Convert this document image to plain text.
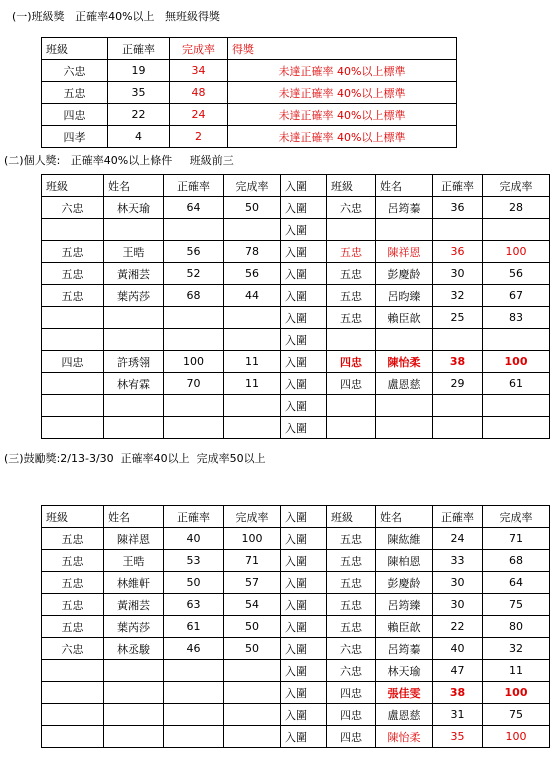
(一)班級獎   正確率40%以上   無班級得獎
班級	正確率	完成率	得獎
六忠	19	34	未達正確率 40%以上標準
五忠	35	48	未達正確率 40%以上標準
四忠	22	24	未達正確率 40%以上標準
四孝	4	2	未達正確率 40%以上標準
(二)個人獎:   正確率40%以上條件     班級前三
班級	姓名	正確率	完成率	入圍	班級	姓名	正確率	完成率
六忠	林天瑜	64	50	入圍	六忠	呂筠蓁	36	28
				入圍				
五忠	王晧	56	78	入圍	五忠	陳祥恩	36	100
五忠	黃湘芸	52	56	入圍	五忠	彭慶龄	30	56
五忠	葉芮莎	68	44	入圍	五忠	呂昀臻	32	67
				入圍	五忠	賴臣歆	25	83
				入圍				
四忠	許琇翎	100	11	入圍	四忠	陳怡柔	38	100
	林宥霖	70	11	入圍	四忠	盧恩慈	29	61
				入圍				
				入圍				
(三)鼓勵獎:2/13-3/30  正確率40以上  完成率50以上
班級	姓名	正確率	完成率	入圍	班級	姓名	正確率	完成率
五忠	陳祥恩	40	100	入圍	五忠	陳紘維	24	71
五忠	王晧	53	71	入圍	五忠	陳柏恩	33	68
五忠	林維軒	50	57	入圍	五忠	彭慶龄	30	64
五忠	黃湘芸	63	54	入圍	五忠	呂筠臻	30	75
五忠	葉芮莎	61	50	入圍	五忠	賴臣歆	22	80
六忠	林丞駿	46	50	入圍	六忠	呂筠蓁	40	32
				入圍	六忠	林天瑜	47	11
				入圍	四忠	張佳雯	38	100
				入圍	四忠	盧恩慈	31	75
				入圍	四忠	陳怡柔	35	100
